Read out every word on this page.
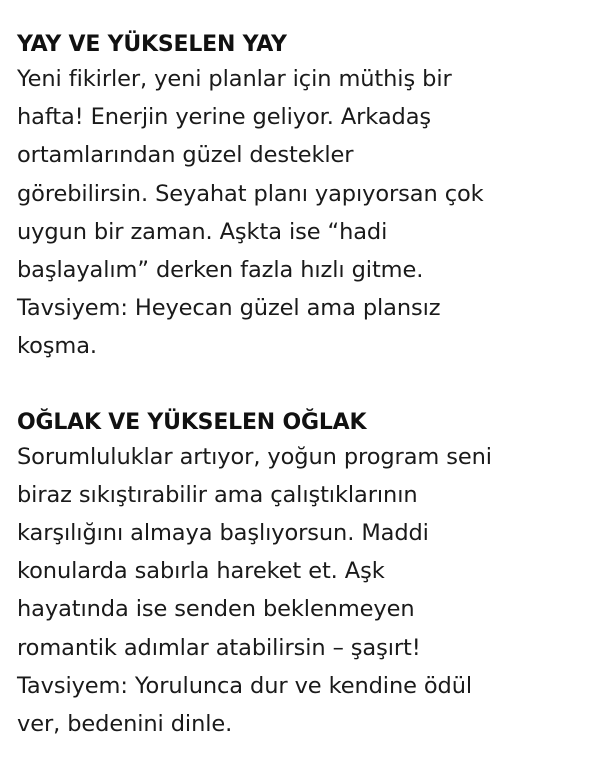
YAY VE YÜKSELEN YAY

Yeni fikirler, yeni planlar için müthiş bir
hafta! Enerjin yerine geliyor. Arkadaş
ortamlarından güzel destekler
görebilirsin. Seyahat planı yapıyorsan çok
uygun bir zaman. Aşkta ise “hadi
başlayalım” derken fazla hızlı gitme.
Tavsiyem: Heyecan güzel ama plansız
koşma.

OĞLAK VE YÜKSELEN OĞLAK

Sorumluluklar artıyor, yoğun program seni
biraz sıkıştırabilir ama çalıştıklarının
karşılığını almaya başlıyorsun. Maddi
konularda sabırla hareket et. Aşk
hayatında ise senden beklenmeyen
romantik adımlar atabilirsin – şaşırt!
Tavsiyem: Yorulunca dur ve kendine ödül
ver, bedenini dinle.
